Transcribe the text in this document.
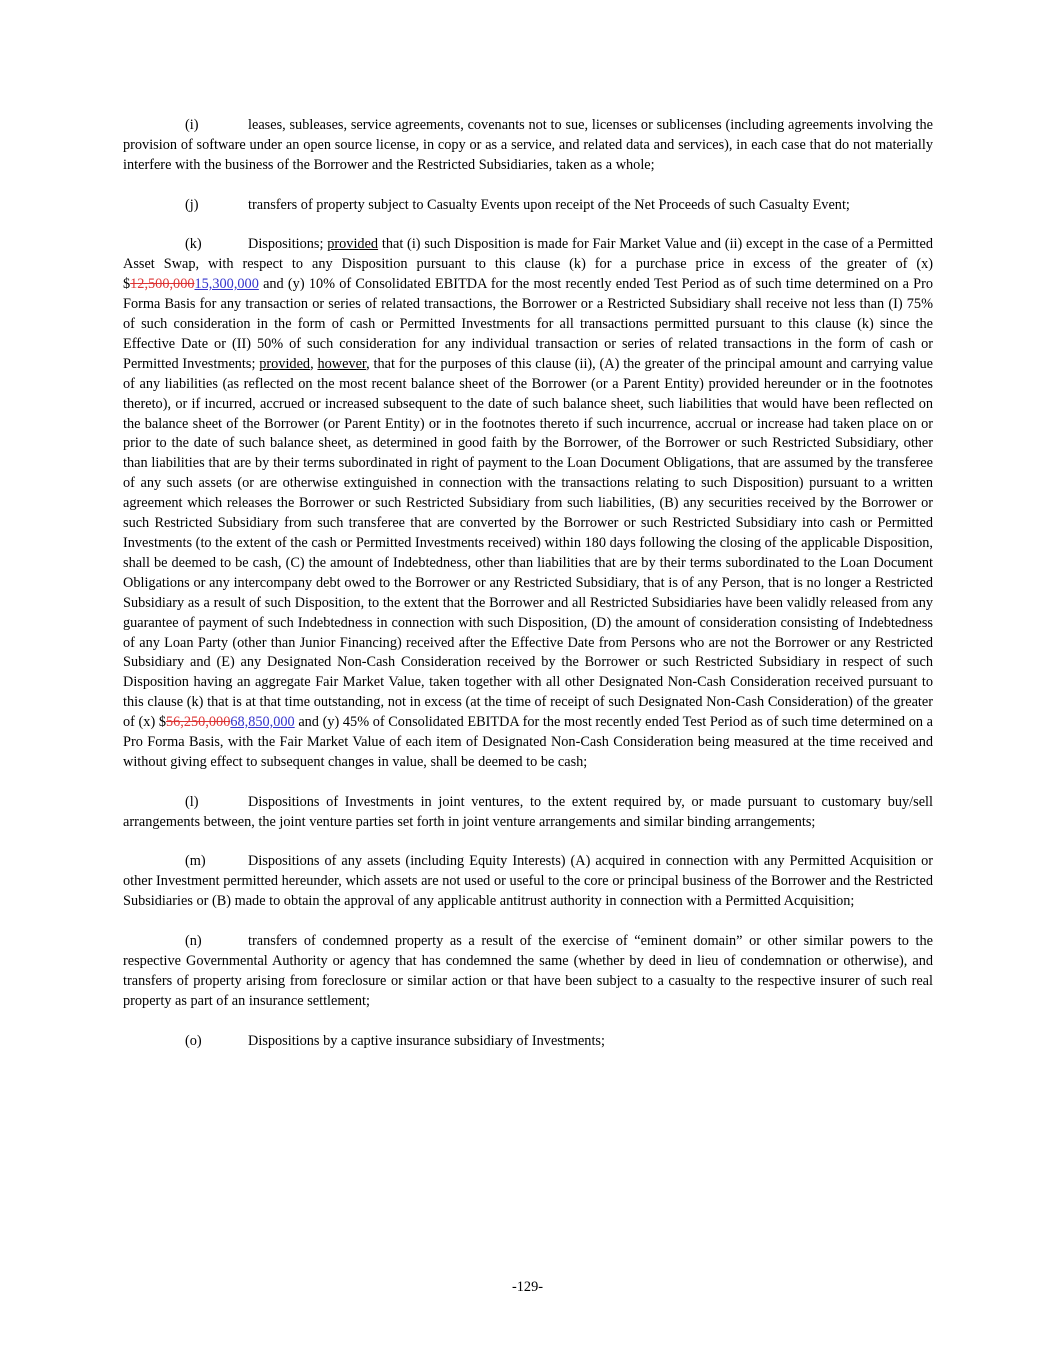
(i)	leases, subleases, service agreements, covenants not to sue, licenses or sublicenses (including agreements involving the provision of software under an open source license, in copy or as a service, and related data and services), in each case that do not materially interfere with the business of the Borrower and the Restricted Subsidiaries, taken as a whole;

(j)	transfers of property subject to Casualty Events upon receipt of the Net Proceeds of such Casualty Event;

(k)	Dispositions; provided that (i) such Disposition is made for Fair Market Value and (ii) except in the case of a Permitted Asset Swap, with respect to any Disposition pursuant to this clause (k) for a purchase price in excess of the greater of (x) $12,500,00015,300,000 and (y) 10% of Consolidated EBITDA for the most recently ended Test Period as of such time determined on a Pro Forma Basis for any transaction or series of related transactions, the Borrower or a Restricted Subsidiary shall receive not less than (I) 75% of such consideration in the form of cash or Permitted Investments for all transactions permitted pursuant to this clause (k) since the Effective Date or (II) 50% of such consideration for any individual transaction or series of related transactions in the form of cash or Permitted Investments; provided, however, that for the purposes of this clause (ii), (A) the greater of the principal amount and carrying value of any liabilities (as reflected on the most recent balance sheet of the Borrower (or a Parent Entity) provided hereunder or in the footnotes thereto), or if incurred, accrued or increased subsequent to the date of such balance sheet, such liabilities that would have been reflected on the balance sheet of the Borrower (or Parent Entity) or in the footnotes thereto if such incurrence, accrual or increase had taken place on or prior to the date of such balance sheet, as determined in good faith by the Borrower, of the Borrower or such Restricted Subsidiary, other than liabilities that are by their terms subordinated in right of payment to the Loan Document Obligations, that are assumed by the transferee of any such assets (or are otherwise extinguished in connection with the transactions relating to such Disposition) pursuant to a written agreement which releases the Borrower or such Restricted Subsidiary from such liabilities, (B) any securities received by the Borrower or such Restricted Subsidiary from such transferee that are converted by the Borrower or such Restricted Subsidiary into cash or Permitted Investments (to the extent of the cash or Permitted Investments received) within 180 days following the closing of the applicable Disposition, shall be deemed to be cash, (C) the amount of Indebtedness, other than liabilities that are by their terms subordinated to the Loan Document Obligations or any intercompany debt owed to the Borrower or any Restricted Subsidiary, that is of any Person, that is no longer a Restricted Subsidiary as a result of such Disposition, to the extent that the Borrower and all Restricted Subsidiaries have been validly released from any guarantee of payment of such Indebtedness in connection with such Disposition, (D) the amount of consideration consisting of Indebtedness of any Loan Party (other than Junior Financing) received after the Effective Date from Persons who are not the Borrower or any Restricted Subsidiary and (E) any Designated Non-Cash Consideration received by the Borrower or such Restricted Subsidiary in respect of such Disposition having an aggregate Fair Market Value, taken together with all other Designated Non-Cash Consideration received pursuant to this clause (k) that is at that time outstanding, not in excess (at the time of receipt of such Designated Non-Cash Consideration) of the greater of (x) $56,250,00068,850,000 and (y) 45% of Consolidated EBITDA for the most recently ended Test Period as of such time determined on a Pro Forma Basis, with the Fair Market Value of each item of Designated Non-Cash Consideration being measured at the time received and without giving effect to subsequent changes in value, shall be deemed to be cash;

(l)	Dispositions of Investments in joint ventures, to the extent required by, or made pursuant to customary buy/sell arrangements between, the joint venture parties set forth in joint venture arrangements and similar binding arrangements;

(m)	Dispositions of any assets (including Equity Interests) (A) acquired in connection with any Permitted Acquisition or other Investment permitted hereunder, which assets are not used or useful to the core or principal business of the Borrower and the Restricted Subsidiaries or (B) made to obtain the approval of any applicable antitrust authority in connection with a Permitted Acquisition;

(n)	transfers of condemned property as a result of the exercise of “eminent domain” or other similar powers to the respective Governmental Authority or agency that has condemned the same (whether by deed in lieu of condemnation or otherwise), and transfers of property arising from foreclosure or similar action or that have been subject to a casualty to the respective insurer of such real property as part of an insurance settlement;

(o)	Dispositions by a captive insurance subsidiary of Investments;

-129-
